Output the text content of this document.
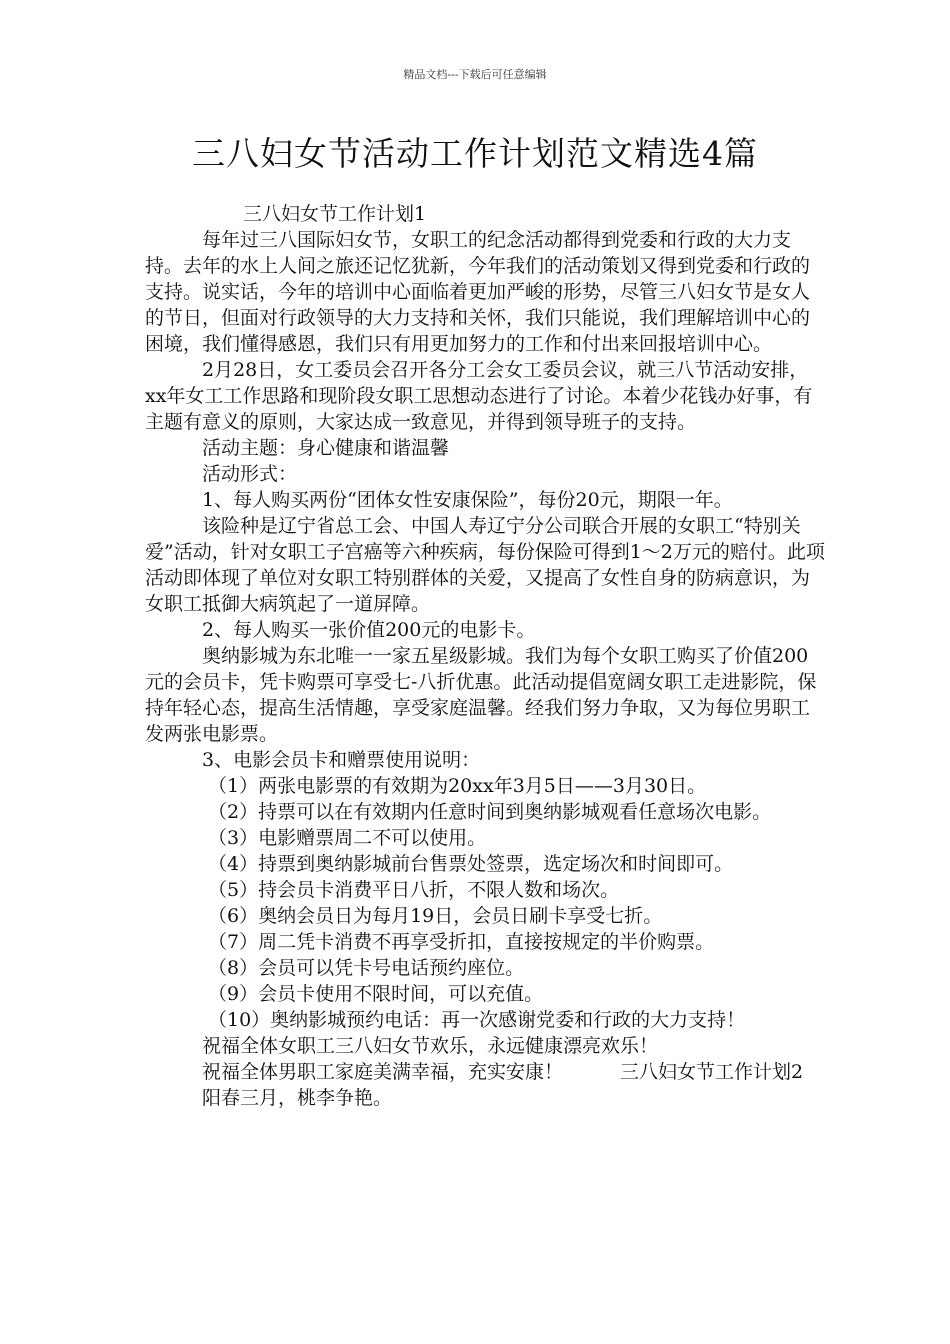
精品文档---下载后可任意编辑
三八妇女节活动工作计划范文精选4篇

三八妇女节工作计划1

每年过三八国际妇女节，女职工的纪念活动都得到党委和行政的大力支持。去年的水上人间之旅还记忆犹新，今年我们的活动策划又得到党委和行政的支持。说实话，今年的培训中心面临着更加严峻的形势，尽管三八妇女节是女人的节日，但面对行政领导的大力支持和关怀，我们只能说，我们理解培训中心的困境，我们懂得感恩，我们只有用更加努力的工作和付出来回报培训中心。

2月28日，女工委员会召开各分工会女工委员会议，就三八节活动安排，xx年女工工作思路和现阶段女职工思想动态进行了讨论。本着少花钱办好事，有主题有意义的原则，大家达成一致意见，并得到领导班子的支持。

活动主题：身心健康和谐温馨

活动形式：

1、每人购买两份“团体女性安康保险”，每份20元，期限一年。

该险种是辽宁省总工会、中国人寿辽宁分公司联合开展的女职工“特别关爱”活动，针对女职工子宫癌等六种疾病，每份保险可得到1～2万元的赔付。此项活动即体现了单位对女职工特别群体的关爱，又提高了女性自身的防病意识，为女职工抵御大病筑起了一道屏障。

2、每人购买一张价值200元的电影卡。

奥纳影城为东北唯一一家五星级影城。我们为每个女职工购买了价值200元的会员卡，凭卡购票可享受七-八折优惠。此活动提倡宽阔女职工走进影院，保持年轻心态，提高生活情趣，享受家庭温馨。经我们努力争取，又为每位男职工发两张电影票。

3、电影会员卡和赠票使用说明：

（1）两张电影票的有效期为20xx年3月5日——3月30日。

（2）持票可以在有效期内任意时间到奥纳影城观看任意场次电影。

（3）电影赠票周二不可以使用。

（4）持票到奥纳影城前台售票处签票，选定场次和时间即可。

（5）持会员卡消费平日八折，不限人数和场次。

（6）奥纳会员日为每月19日，会员日刷卡享受七折。

（7）周二凭卡消费不再享受折扣，直接按规定的半价购票。

（8）会员可以凭卡号电话预约座位。

（9）会员卡使用不限时间，可以充值。

（10）奥纳影城预约电话：再一次感谢党委和行政的大力支持！

祝福全体女职工三八妇女节欢乐，永远健康漂亮欢乐！

祝福全体男职工家庭美满幸福，充实安康！　　　三八妇女节工作计划2

阳春三月，桃李争艳。
